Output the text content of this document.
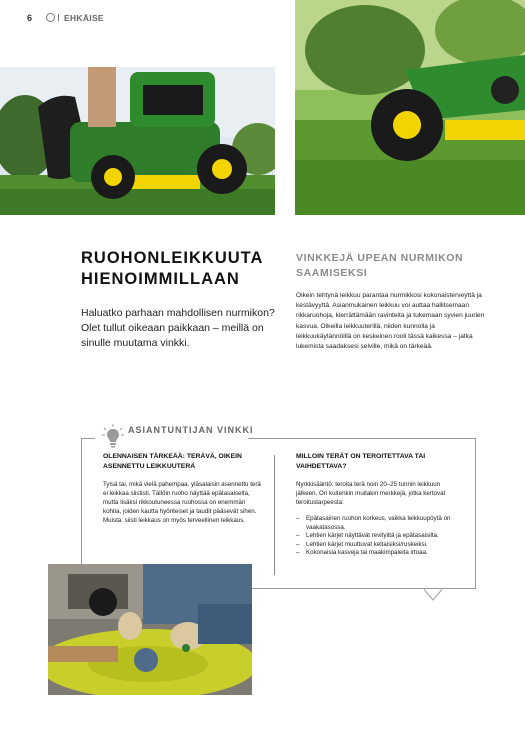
6	EHKÄISE
RUOHONLEIKKUUTA
HIENOIMMILLAAN
Haluatko parhaan mahdollisen nurmikon? Olet tullut oikeaan paikkaan – meillä on sinulle muutama vinkki.
VINKKEJÄ UPEAN NURMIKON
SAAMISEKSI
Oikein tehtynä leikkuu parantaa nurmikkosi kokonaisterveyttä ja kestävyyttä. Asianmukainen leikkuu voi auttaa hallitsemaan rikkaruohoja, kierrättämään ravinteita ja tukemaan syvien juurien kasvua. Oikeilla leikkuuterillä, niiden kunnolla ja leikkuukäytännöillä on keskeinen rooli tässä kaikessa – jatka lukemista saadaksesi selville, mikä on tärkeää.
ASIANTUNTIJAN VINKKI
OLENNAISEN TÄRKEÄÄ: TERÄVÄ, OIKEIN ASENNETTU LEIKKUUTERÄ
Tylsä tai, mikä vielä pahempaa, yläsalaisin asennettu terä ei leikkaa siististi. Tällöin ruoho näyttää epätasaiselta, mutta lisäksi rikkoutuneessa ruohossa on enemmän kohtia, joiden kautta hyönteiset ja taudit pääsevät sihen. Muista: siisti leikkaus on myös terveellinen leikkaus.
MILLOIN TERÄT ON TEROITETTAVA TAI VAIHDETTAVA?
Nyrkkisääntö: teroita terä noin 20–25 tunnin leikkuun jälkeen. On kuitenkin muitakin merkkejä, jotka kertovat teroitustarpeesta:
– Epätasainen ruohon korkeus, vaikka leikkuupöytä on vaakatasossa.
– Lehtien kärjet näyttävät revityiltä ja epätasaisilta.
– Lehtien kärjet muuttuvat keltaisiksi/ruskeiksi.
– Kokonaisia kasveja tai maakimpaleita irtoaa.
